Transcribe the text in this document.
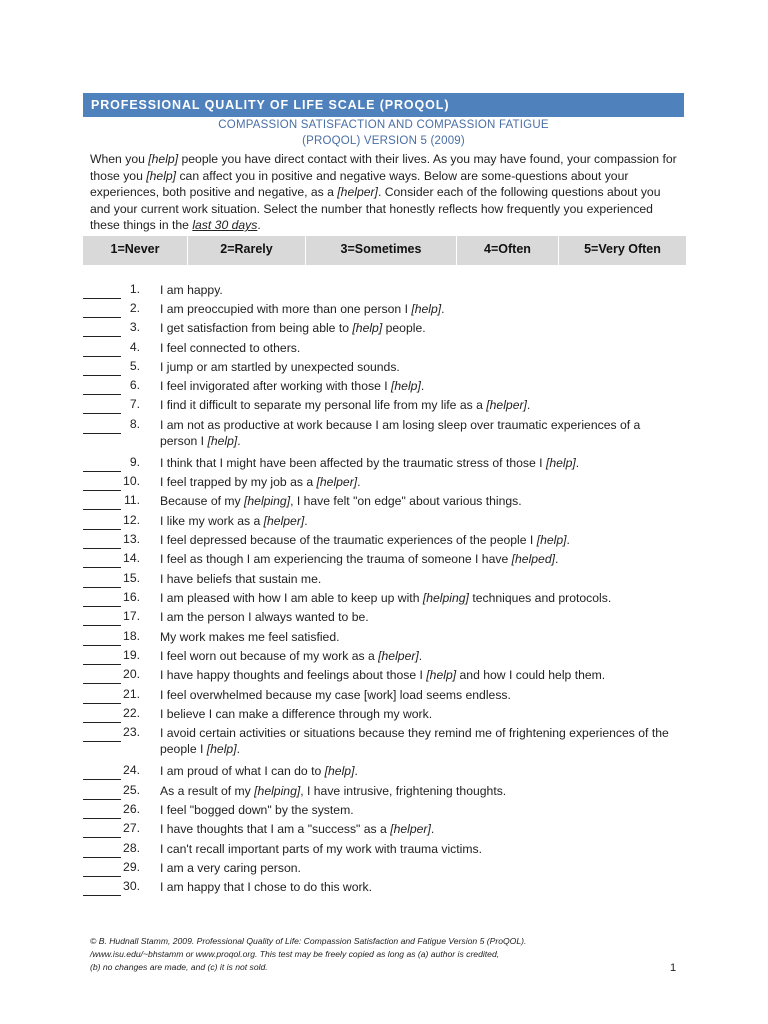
PROFESSIONAL QUALITY OF LIFE SCALE (PROQOL)
COMPASSION SATISFACTION AND COMPASSION FATIGUE
(PROQOL) VERSION 5 (2009)
When you [help] people you have direct contact with their lives. As you may have found, your compassion for those you [help] can affect you in positive and negative ways. Below are some-questions about your experiences, both positive and negative, as a [helper]. Consider each of the following questions about you and your current work situation. Select the number that honestly reflects how frequently you experienced these things in the last 30 days.
1=Never	2=Rarely	3=Sometimes	4=Often	5=Very Often
1. I am happy.
2. I am preoccupied with more than one person I [help].
3. I get satisfaction from being able to [help] people.
4. I feel connected to others.
5. I jump or am startled by unexpected sounds.
6. I feel invigorated after working with those I [help].
7. I find it difficult to separate my personal life from my life as a [helper].
8. I am not as productive at work because I am losing sleep over traumatic experiences of a person I [help].
9. I think that I might have been affected by the traumatic stress of those I [help].
10. I feel trapped by my job as a [helper].
11. Because of my [helping], I have felt "on edge" about various things.
12. I like my work as a [helper].
13. I feel depressed because of the traumatic experiences of the people I [help].
14. I feel as though I am experiencing the trauma of someone I have [helped].
15. I have beliefs that sustain me.
16. I am pleased with how I am able to keep up with [helping] techniques and protocols.
17. I am the person I always wanted to be.
18. My work makes me feel satisfied.
19. I feel worn out because of my work as a [helper].
20. I have happy thoughts and feelings about those I [help] and how I could help them.
21. I feel overwhelmed because my case [work] load seems endless.
22. I believe I can make a difference through my work.
23. I avoid certain activities or situations because they remind me of frightening experiences of the people I [help].
24. I am proud of what I can do to [help].
25. As a result of my [helping], I have intrusive, frightening thoughts.
26. I feel "bogged down" by the system.
27. I have thoughts that I am a "success" as a [helper].
28. I can't recall important parts of my work with trauma victims.
29. I am a very caring person.
30. I am happy that I chose to do this work.
© B. Hudnall Stamm, 2009. Professional Quality of Life: Compassion Satisfaction and Fatigue Version 5 (ProQOL).
/www.isu.edu/~bhstamm or www.proqol.org. This test may be freely copied as long as (a) author is credited,
(b) no changes are made, and (c) it is not sold.	1
